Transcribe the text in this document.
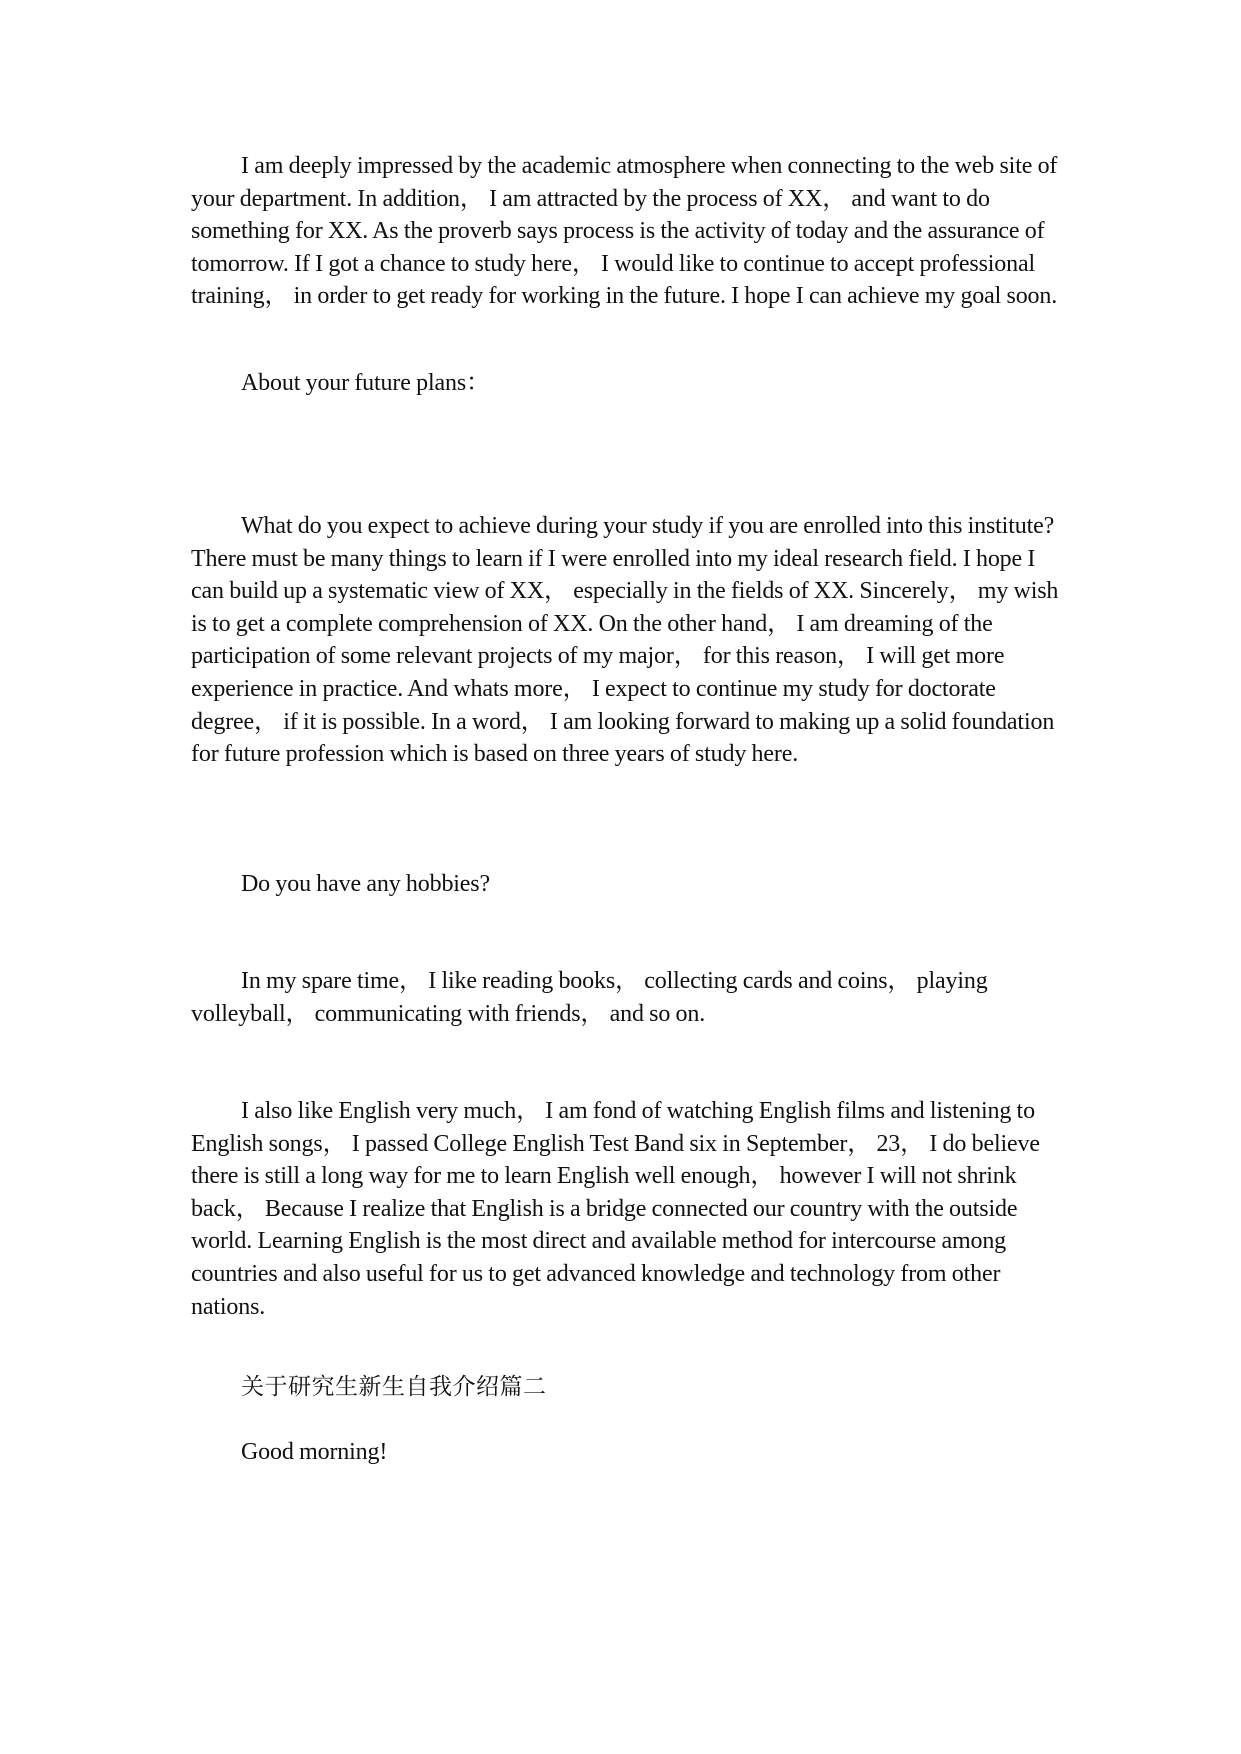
I am deeply impressed by the academic atmosphere when connecting to the web site of your department. In addition， I am attracted by the process of XX， and want to do something for XX. As the proverb says process is the activity of today and the assurance of tomorrow. If I got a chance to study here， I would like to continue to accept professional training， in order to get ready for working in the future. I hope I can achieve my goal soon.

About your future plans：

What do you expect to achieve during your study if you are enrolled into this institute?There must be many things to learn if I were enrolled into my ideal research field. I hope I can build up a systematic view of XX， especially in the fields of XX. Sincerely， my wish is to get a complete comprehension of XX. On the other hand， I am dreaming of the participation of some relevant projects of my major， for this reason， I will get more experience in practice. And whats more， I expect to continue my study for doctorate degree， if it is possible. In a word， I am looking forward to making up a solid foundation for future profession which is based on three years of study here.

Do you have any hobbies?

In my spare time， I like reading books， collecting cards and coins， playing volleyball， communicating with friends， and so on.

I also like English very much， I am fond of watching English films and listening to English songs， I passed College English Test Band six in September， 23， I do believe there is still a long way for me to learn English well enough， however I will not shrink back， Because I realize that English is a bridge connected our country with the outside world. Learning English is the most direct and available method for intercourse among countries and also useful for us to get advanced knowledge and technology from other nations.

关于研究生新生自我介绍篇二

Good morning!
